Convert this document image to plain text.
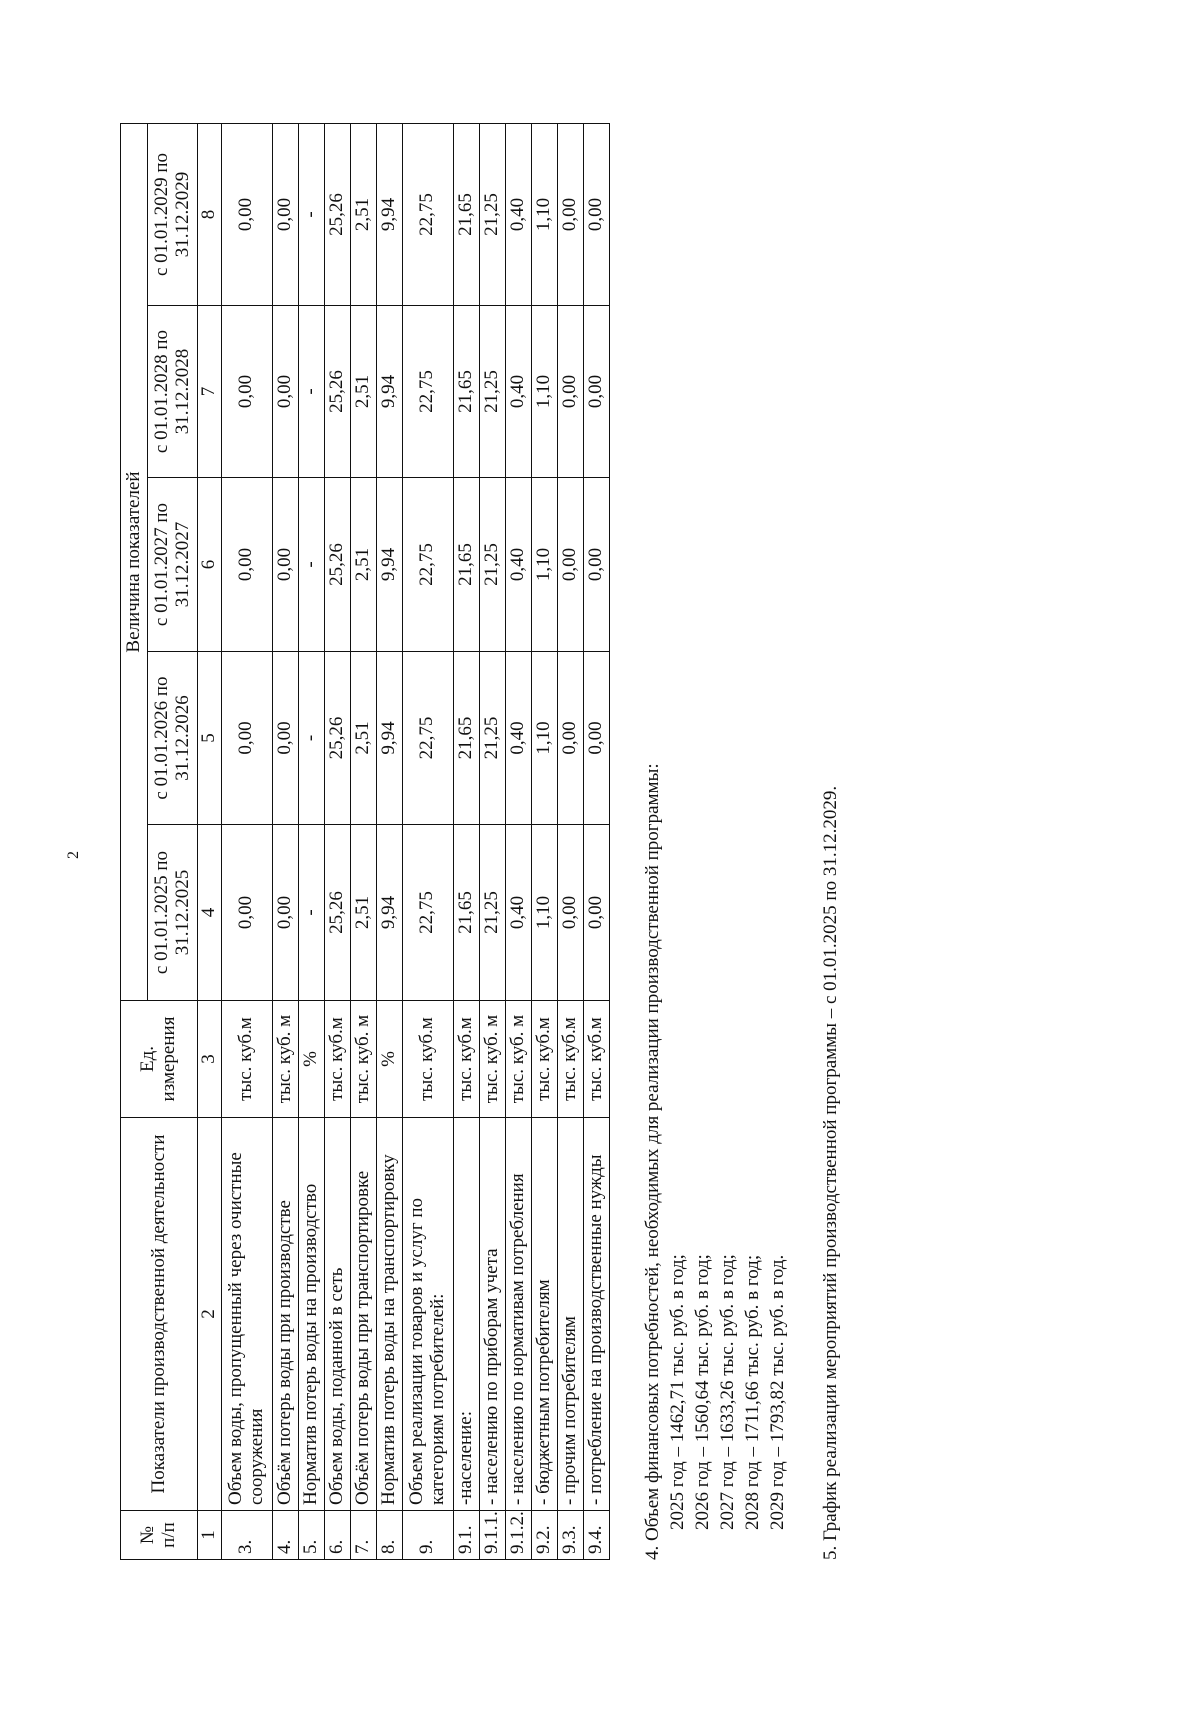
2
№ п/п	Показатели производственной деятельности	Ед. измерения	Величина показателей				
			с 01.01.2025 по 31.12.2025	с 01.01.2026 по 31.12.2026	с 01.01.2027 по 31.12.2027	с 01.01.2028 по 31.12.2028	с 01.01.2029 по 31.12.2029
1	2	3	4	5	6	7	8
3.	Объем воды, пропущенный через очистные сооружения	тыс. куб.м	0,00	0,00	0,00	0,00	0,00
4.	Объём потерь воды при производстве	тыс. куб. м	0,00	0,00	0,00	0,00	0,00
5.	Норматив потерь воды на производство	%	-	-	-	-	-
6.	Объем воды, поданной в сеть	тыс. куб.м	25,26	25,26	25,26	25,26	25,26
7.	Объём потерь воды при транспортировке	тыс. куб. м	2,51	2,51	2,51	2,51	2,51
8.	Норматив потерь воды на транспортировку	%	9,94	9,94	9,94	9,94	9,94
9.	Объем реализации товаров и услуг по категориям потребителей:	тыс. куб.м	22,75	22,75	22,75	22,75	22,75
9.1.	-население:	тыс. куб.м	21,65	21,65	21,65	21,65	21,65
9.1.1.	- населению по приборам учета	тыс. куб. м	21,25	21,25	21,25	21,25	21,25
9.1.2.	- населению по нормативам потребления	тыс. куб. м	0,40	0,40	0,40	0,40	0,40
9.2.	- бюджетным потребителям	тыс. куб.м	1,10	1,10	1,10	1,10	1,10
9.3.	- прочим потребителям	тыс. куб.м	0,00	0,00	0,00	0,00	0,00
9.4.	- потребление на производственные нужды	тыс. куб.м	0,00	0,00	0,00	0,00	0,00
4. Объем финансовых потребностей, необходимых для реализации производственной программы: 2025 год – 1462,71 тыс. руб. в год; 2026 год – 1560,64 тыс. руб. в год; 2027 год – 1633,26 тыс. руб. в год; 2028 год – 1711,66 тыс. руб. в год; 2029 год – 1793,82 тыс. руб. в год. 5. График реализации мероприятий производственной программы – с 01.01.2025 по 31.12.2029.
